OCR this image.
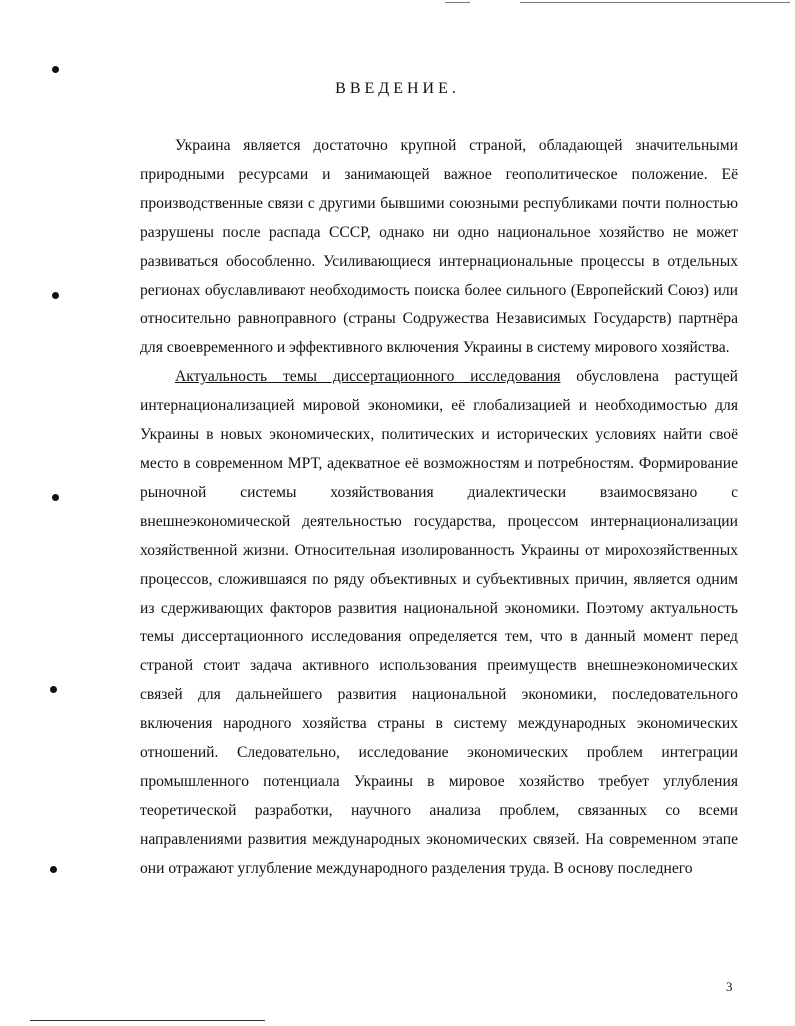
ВВЕДЕНИЕ.

Украина является достаточно крупной страной, обладающей значительными природными ресурсами и занимающей важное геополитическое положение. Её производственные связи с другими бывшими союзными республиками почти полностью разрушены после распада СССР, однако ни одно национальное хозяйство не может развиваться обособленно. Усиливающиеся интернациональные процессы в отдельных регионах обуславливают необходимость поиска более сильного (Европейский Союз) или относительно равноправного (страны Содружества Независимых Государств) партнёра для своевременного и эффективного включения Украины в систему мирового хозяйства.

Актуальность темы диссертационного исследования обусловлена растущей интернационализацией мировой экономики, её глобализацией и необходимостью для Украины в новых экономических, политических и исторических условиях найти своё место в современном МРТ, адекватное её возможностям и потребностям. Формирование рыночной системы хозяйствования диалектически взаимосвязано с внешнеэкономической деятельностью государства, процессом интернационализации хозяйственной жизни. Относительная изолированность Украины от мирохозяйственных процессов, сложившаяся по ряду объективных и субъективных причин, является одним из сдерживающих факторов развития национальной экономики. Поэтому актуальность темы диссертационного исследования определяется тем, что в данный момент перед страной стоит задача активного использования преимуществ внешнеэкономических связей для дальнейшего развития национальной экономики, последовательного включения народного хозяйства страны в систему международных экономических отношений. Следовательно, исследование экономических проблем интеграции промышленного потенциала Украины в мировое хозяйство требует углубления теоретической разработки, научного анализа проблем, связанных со всеми направлениями развития международных экономических связей. На современном этапе они отражают углубление международного разделения труда. В основу последнего

3
